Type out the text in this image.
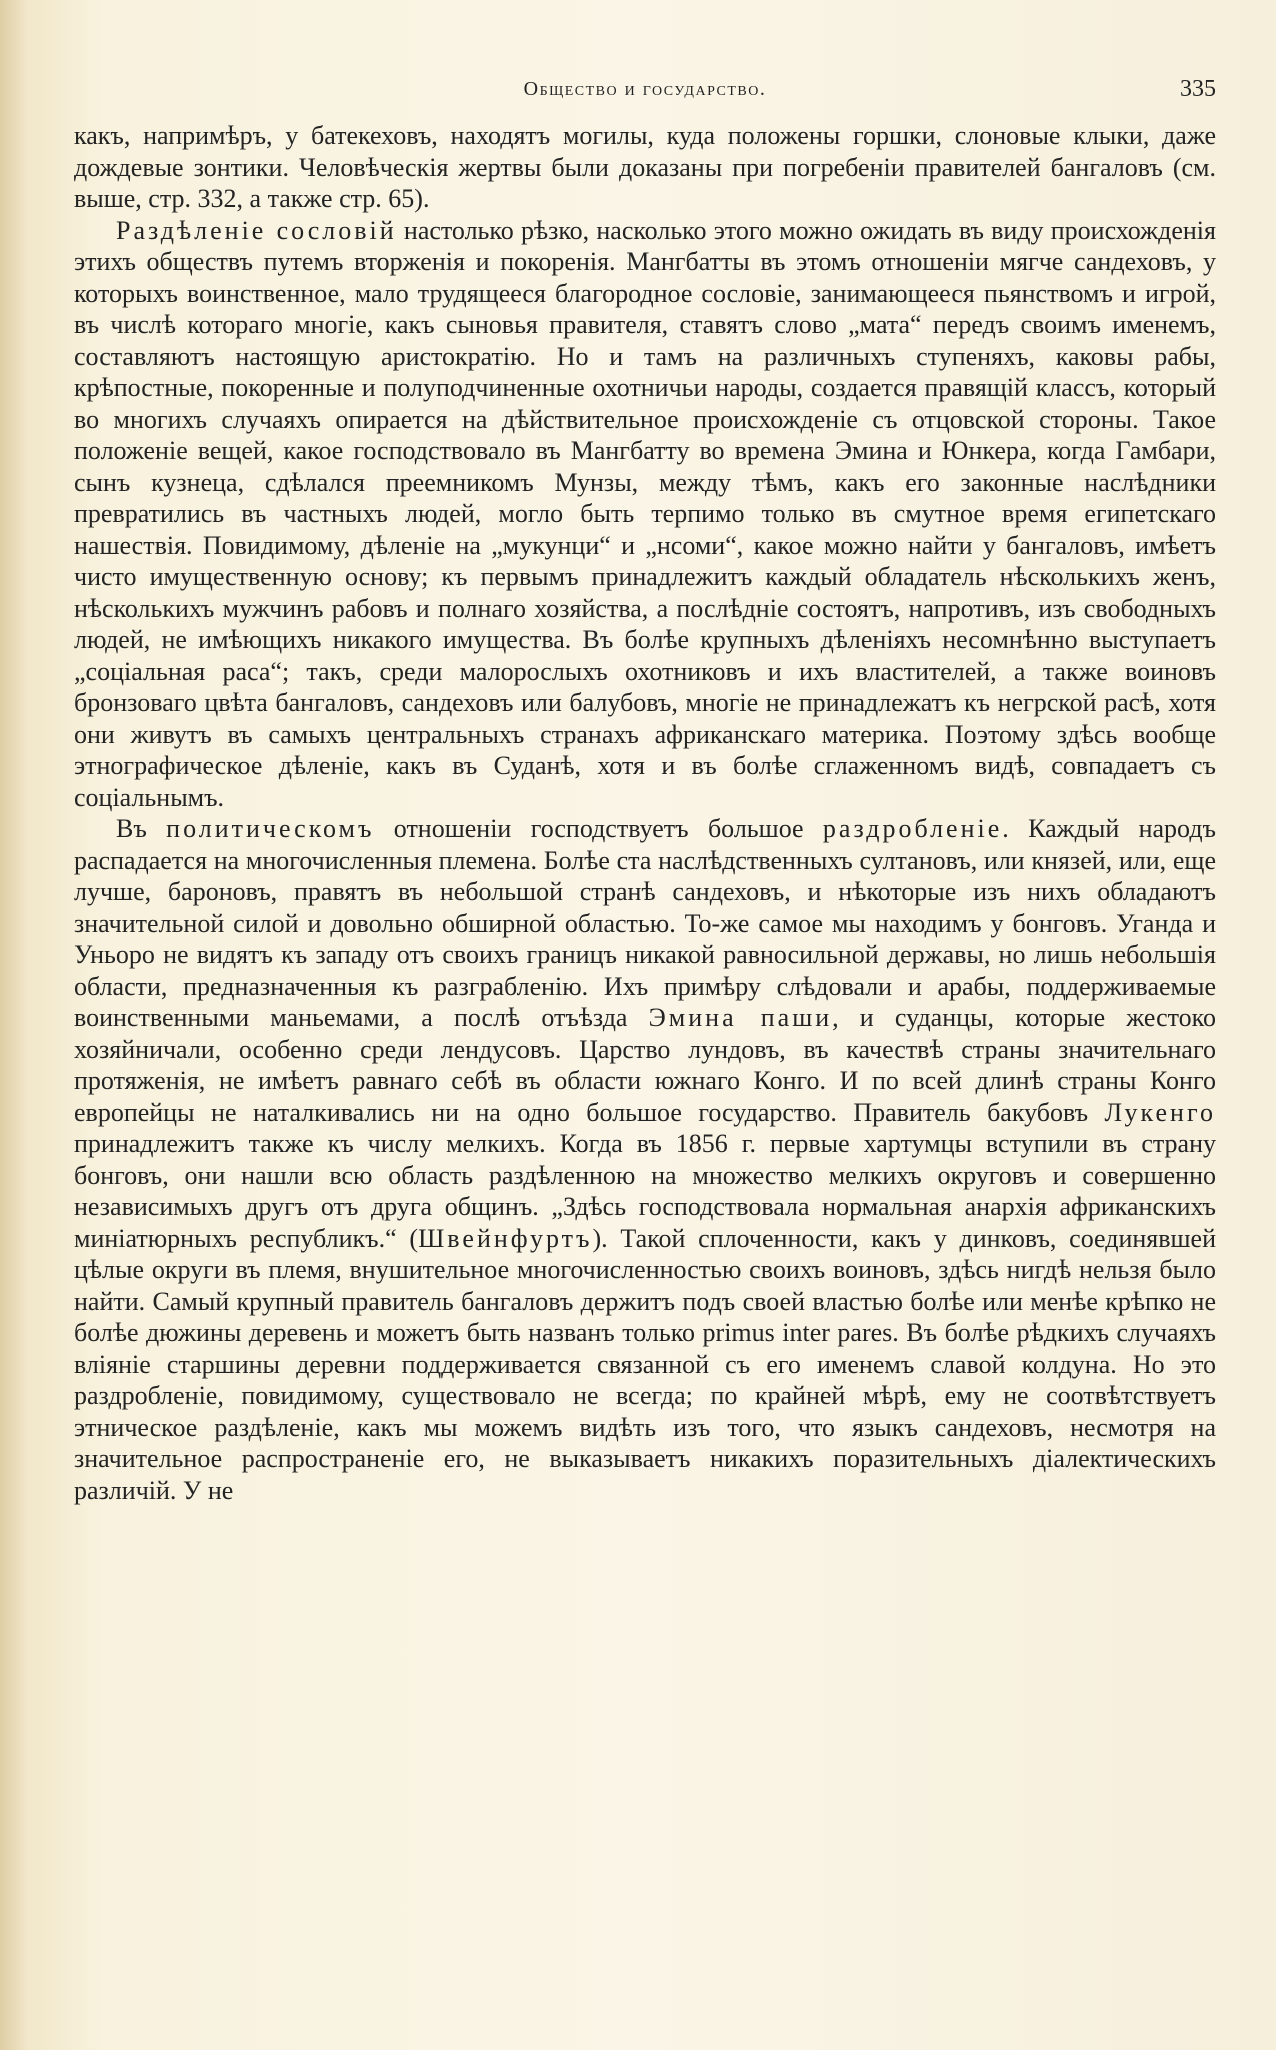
Общество и государство.	335

какъ, напримѣръ, у батекеховъ, находятъ могилы, куда положены горшки, слоновые клыки, даже дождевые зонтики. Человѣческія жертвы были доказаны при погребеніи правителей бангаловъ (см. выше, стр. 332, а также стр. 65).

Раздѣленіе сословій настолько рѣзко, насколько этого можно ожидать въ виду происхожденія этихъ обществъ путемъ вторженія и покоренія. Мангбатты въ этомъ отношеніи мягче сандеховъ, у которыхъ воинственное, мало трудящееся благородное сословіе, занимающееся пьянствомъ и игрой, въ числѣ котораго многіе, какъ сыновья правителя, ставятъ слово „мата“ передъ своимъ именемъ, составляютъ настоящую аристократію. Но и тамъ на различныхъ ступеняхъ, каковы рабы, крѣпостные, покоренные и полуподчиненные охотничьи народы, создается правящій классъ, который во многихъ случаяхъ опирается на дѣйствительное происхожденіе съ отцовской стороны. Такое положеніе вещей, какое господствовало въ Мангбатту во времена Эмина и Юнкера, когда Гамбари, сынъ кузнеца, сдѣлался преемникомъ Мунзы, между тѣмъ, какъ его законные наслѣдники превратились въ частныхъ людей, могло быть терпимо только въ смутное время египетскаго нашествія. Повидимому, дѣленіе на „мукунци“ и „нсоми“, какое можно найти у бангаловъ, имѣетъ чисто имущественную основу; къ первымъ принадлежитъ каждый обладатель нѣсколькихъ женъ, нѣсколькихъ мужчинъ рабовъ и полнаго хозяйства, а послѣдніе состоятъ, напротивъ, изъ свободныхъ людей, не имѣющихъ никакого имущества. Въ болѣе крупныхъ дѣленіяхъ несомнѣнно выступаетъ „соціальная раса“; такъ, среди малорослыхъ охотниковъ и ихъ властителей, а также воиновъ бронзоваго цвѣта бангаловъ, сандеховъ или балубовъ, многіе не принадлежатъ къ негрской расѣ, хотя они живутъ въ самыхъ центральныхъ странахъ африканскаго материка. Поэтому здѣсь вообще этнографическое дѣленіе, какъ въ Суданѣ, хотя и въ болѣе сглаженномъ видѣ, совпадаетъ съ соціальнымъ.

Въ политическомъ отношеніи господствуетъ большое раздробленіе. Каждый народъ распадается на многочисленныя племена. Болѣе ста наслѣдственныхъ султановъ, или князей, или, еще лучше, бароновъ, правятъ въ небольшой странѣ сандеховъ, и нѣкоторые изъ нихъ обладаютъ значительной силой и довольно обширной областью. То-же самое мы находимъ у бонговъ. Уганда и Уньоро не видятъ къ западу отъ своихъ границъ никакой равносильной державы, но лишь небольшія области, предназначенныя къ разграбленію. Ихъ примѣру слѣдовали и арабы, поддерживаемые воинственными маньемами, а послѣ отъѣзда Эмина паши, и суданцы, которые жестоко хозяйничали, особенно среди лендусовъ. Царство лундовъ, въ качествѣ страны значительнаго протяженія, не имѣетъ равнаго себѣ въ области южнаго Конго. И по всей длинѣ страны Конго европейцы не наталкивались ни на одно большое государство. Правитель бакубовъ Лукенго принадлежитъ также къ числу мелкихъ. Когда въ 1856 г. первые хартумцы вступили въ страну бонговъ, они нашли всю область раздѣленною на множество мелкихъ округовъ и совершенно независимыхъ другъ отъ друга общинъ. „Здѣсь господствовала нормальная анархія африканскихъ миніатюрныхъ республикъ.“ (Швейнфуртъ). Такой сплоченности, какъ у динковъ, соединявшей цѣлые округи въ племя, внушительное многочисленностью своихъ воиновъ, здѣсь нигдѣ нельзя было найти. Самый крупный правитель бангаловъ держитъ подъ своей властью болѣе или менѣе крѣпко не болѣе дюжины деревень и можетъ быть названъ только primus inter pares. Въ болѣе рѣдкихъ случаяхъ вліяніе старшины деревни поддерживается связанной съ его именемъ славой колдуна. Но это раздробленіе, повидимому, существовало не всегда; по крайней мѣрѣ, ему не соотвѣтствуетъ этническое раздѣленіе, какъ мы можемъ видѣть изъ того, что языкъ сандеховъ, несмотря на значительное распространеніе его, не выказываетъ никакихъ поразительныхъ діалектическихъ различій. У не
